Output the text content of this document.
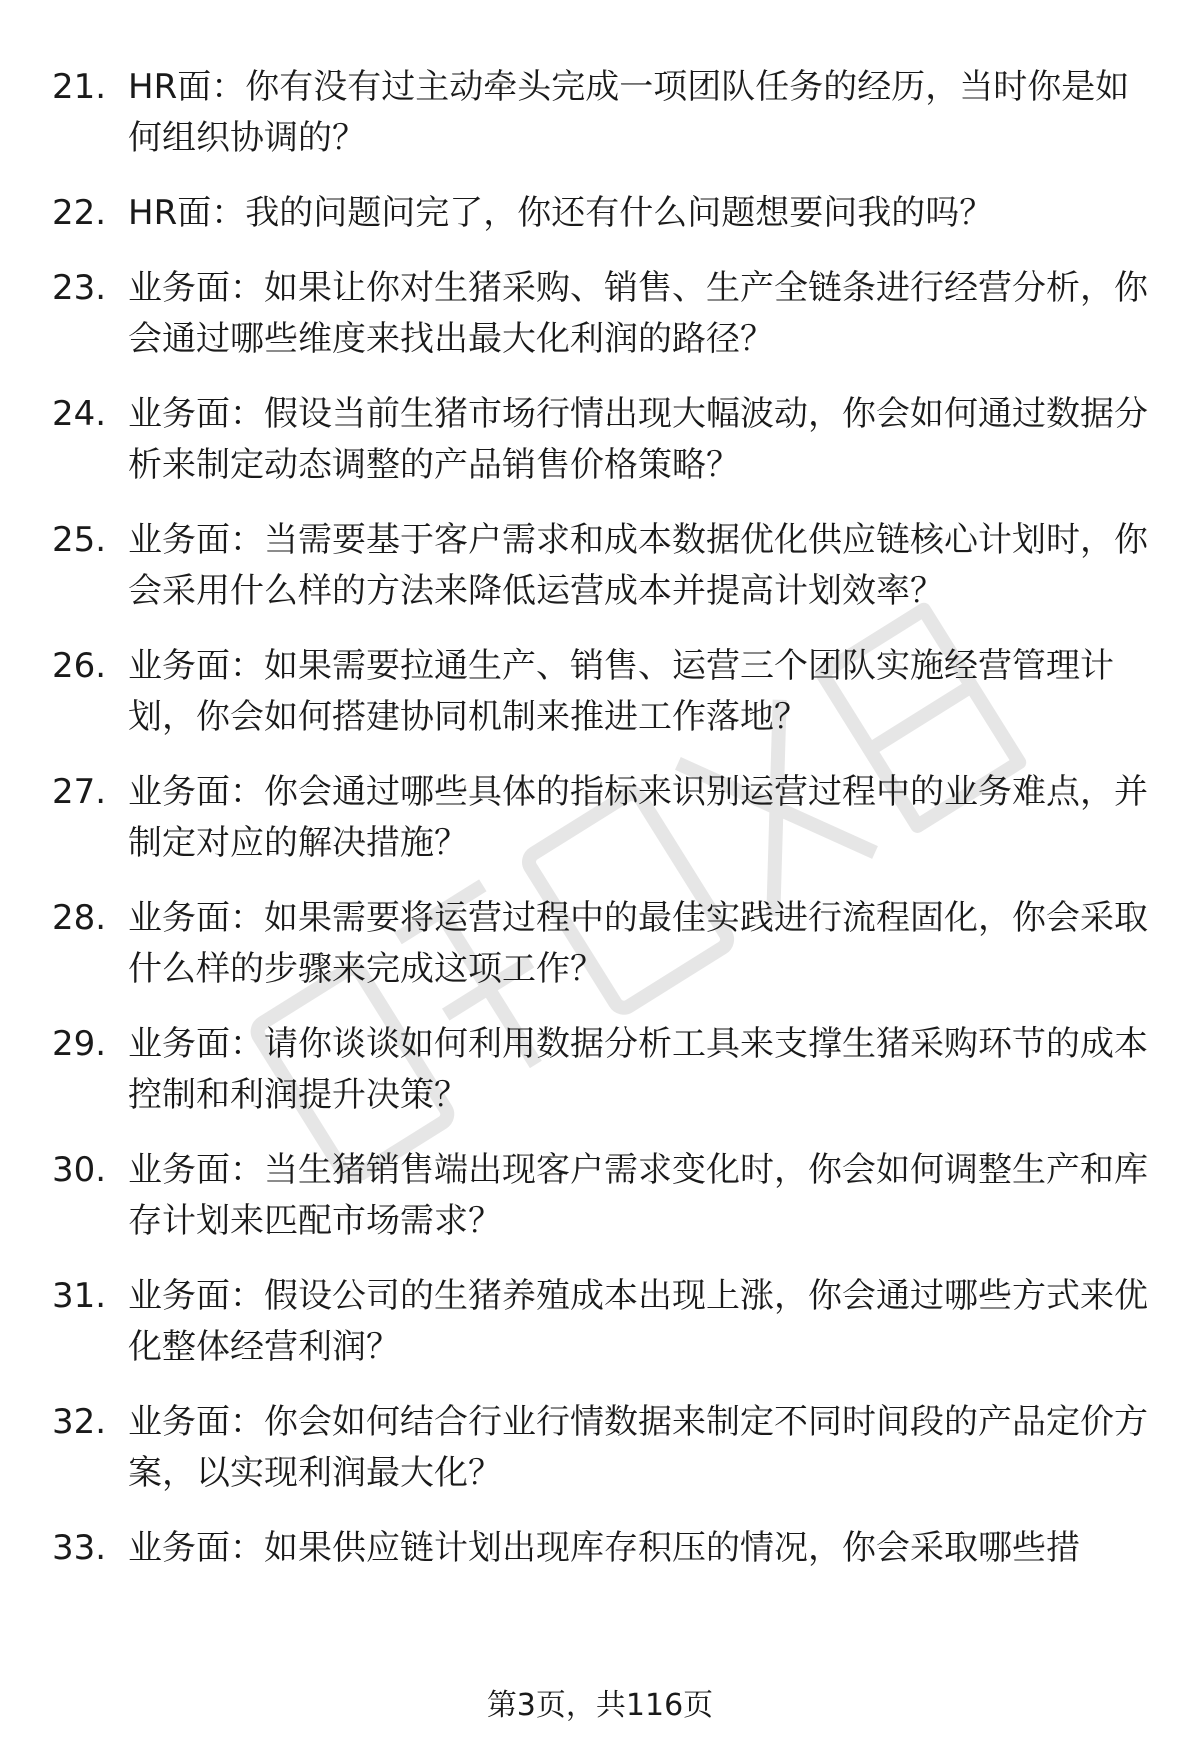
21. HR面：你有没有过主动牵头完成一项团队任务的经历，当时你是如何组织协调的？
22. HR面：我的问题问完了，你还有什么问题想要问我的吗？
23. 业务面：如果让你对生猪采购、销售、生产全链条进行经营分析，你会通过哪些维度来找出最大化利润的路径？
24. 业务面：假设当前生猪市场行情出现大幅波动，你会如何通过数据分析来制定动态调整的产品销售价格策略？
25. 业务面：当需要基于客户需求和成本数据优化供应链核心计划时，你会采用什么样的方法来降低运营成本并提高计划效率？
26. 业务面：如果需要拉通生产、销售、运营三个团队实施经营管理计划，你会如何搭建协同机制来推进工作落地？
27. 业务面：你会通过哪些具体的指标来识别运营过程中的业务难点，并制定对应的解决措施？
28. 业务面：如果需要将运营过程中的最佳实践进行流程固化，你会采取什么样的步骤来完成这项工作？
29. 业务面：请你谈谈如何利用数据分析工具来支撑生猪采购环节的成本控制和利润提升决策？
30. 业务面：当生猪销售端出现客户需求变化时，你会如何调整生产和库存计划来匹配市场需求？
31. 业务面：假设公司的生猪养殖成本出现上涨，你会通过哪些方式来优化整体经营利润？
32. 业务面：你会如何结合行业行情数据来制定不同时间段的产品定价方案，以实现利润最大化？
33. 业务面：如果供应链计划出现库存积压的情况，你会采取哪些措
第3页，共116页
